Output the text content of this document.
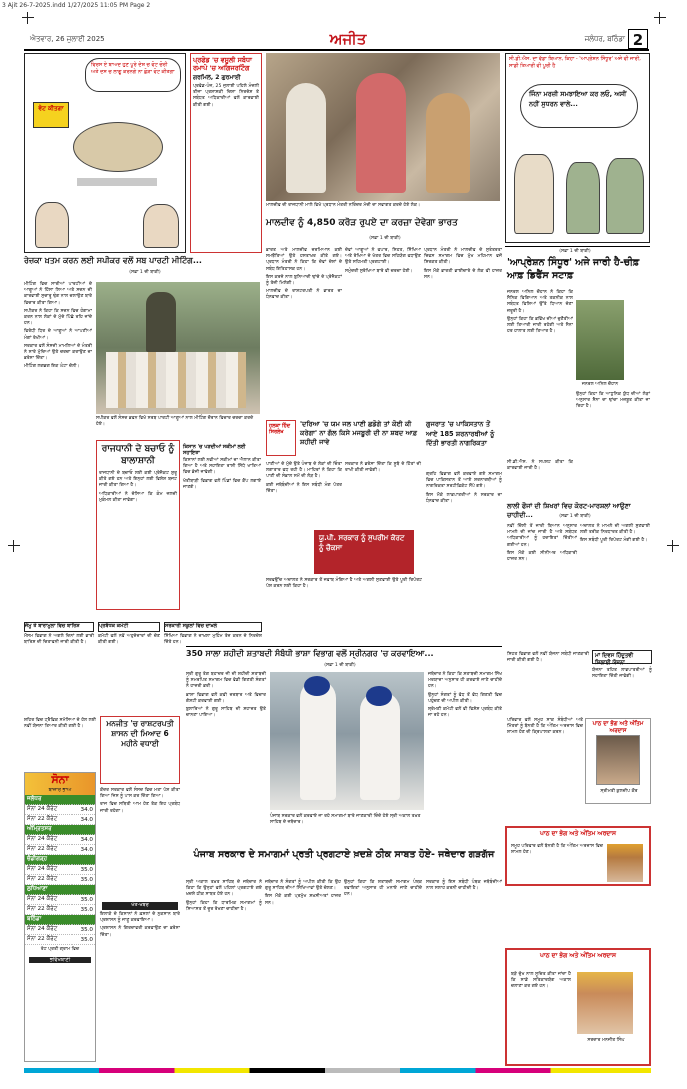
3 Ajit 26-7-2025.indd 1/27/2025 11:05 PM Page 2
ਐਤਵਾਰ, 26 ਜੁਲਾਈ 2025	ਅਜੀਤ	ਜਲੰਧਰ, ਬਠਿੰਡਾ 2
ਵਿਰਸ ਏ ਬਾਅਦ ਹੁਣ ਪੂਰੇ ਦੇਸ਼ ਚ ਵੋਟ ਚੋਰੀ ਅਤੇ ਦਸ ਚ ਲਾਗੂ ਕਰਨਗੇ ਨਾ ਛੋੜਾ ਵੋਟ ਕੀਤਗਾ
ਵੋਟ ਕੀਤਗਾ
ਪ੍ਰਫੋਡ 'ਚ ਵਸੂਲੀ ਸਬੰਧਾ ਰਮਾਪੋ 'ਚ ਅਗਿਜਰਟਿੰਗ
ਗਰਮਿਲ, 2 ਗੁਰਮਾਈ
ਪ੍ਰਫੋਡ-ਪੰਜ, 25 ਜੁਲਾਈ ਪਹਿਲੇ ਮੰਜ਼ਲੀ ਤੀਜਾ ਪ੍ਰਸ਼ਾਸ਼ਕੀ ਦਿਸ਼ਾ ਨਿਰਦੇਸ਼ ਤੇ ਸਬੰਧਤ ਅਧਿਕਾਰੀਆਂ ਵਲੋਂ ਕਾਰਵਾਈ ਕੀਤੀ ਗਈ।
ਮਾਲਦੀਵ ਦੀ ਰਾਜਧਾਨੀ ਮਾਲੇ ਵਿਖੇ ਪ੍ਰਧਾਨ ਮੰਤਰੀ ਨਰਿੰਦਰ ਮੋਦੀ ਦਾ ਸਵਾਗਤ ਕਰਦੇ ਹੋਏ ਲੋਕ।
ਮਾਲਦੀਵ ਨੂੰ 4,850 ਕਰੋੜ ਰੁਪਏ ਦਾ ਕਰਜ਼ਾ ਦੇਵੇਗਾ ਭਾਰਤ
(ਸਫ਼ਾ 1 ਦੀ ਬਾਕੀ)
ਸੀ.ਡੀ.ਐਸ. ਦਾ ਵੱਡਾ ਬਿਆਨ, ਕਿਹਾ - 'ਆਪ੍ਰੇਸ਼ਨ ਸਿੰਧੂਰ' ਅਜੇ ਵੀ ਜਾਰੀ, ਸਾਡੀ ਤਿਆਰੀ ਵੀ ਪੂਰੀ ਹੈ
ਜਿੰਨਾ ਮਰਜ਼ੀ ਸਮਝਾਇਆ ਕਰ ਲਓ, ਅਸੀਂ ਨਹੀਂ ਸੁਧਰਨ ਵਾਲੇ...
(ਸਫ਼ਾ 1 ਦੀ ਬਾਕੀ)
'ਆਪ੍ਰੇਸ਼ਨ ਸਿੰਧੂਰ' ਅਜੇ ਜਾਰੀ ਹੈ-ਚੀਫ਼ ਆਫ਼ ਡਿਫੈਂਸ ਸਟਾਫ਼

ਜਨਰਲ ਅਨਿਲ ਚੌਹਾਨ ਨੇ ਕਿਹਾ ਕਿ ਸੈਨਿਕ ਵਿਗਿਆਨ ਅਤੇ ਤਕਨੀਕ ਨਾਲ ਸਬੰਧਤ ਵਿਸ਼ਿਆਂ ਉੱਤੇ ਧਿਆਨ ਦੇਣਾ ਜ਼ਰੂਰੀ ਹੈ।

ਉਨ੍ਹਾਂ ਕਿਹਾ ਕਿ ਭਵਿੱਖ ਦੀਆਂ ਚੁਣੌਤੀਆਂ ਲਈ ਤਿਆਰੀ ਜਾਰੀ ਰਹੇਗੀ ਅਤੇ ਸੈਨਾ ਹਰ ਹਾਲਾਤ ਲਈ ਤਿਆਰ ਹੈ।

ਜਨਰਲ ਅਨਿਲ ਚੌਹਾਨ

ਉਨ੍ਹਾਂ ਕਿਹਾ ਕਿ ਆਧੁਨਿਕ ਯੁੱਧ ਦੀਆਂ ਲੋੜਾਂ ਅਨੁਸਾਰ ਸੈਨਾ ਦਾ ਢਾਂਚਾ ਮਜ਼ਬੂਤ ਕੀਤਾ ਜਾ ਰਿਹਾ ਹੈ।

ਸੀ.ਡੀ.ਐਸ. ਨੇ ਸਪਸ਼ਟ ਕੀਤਾ ਕਿ ਕਾਰਵਾਈ ਜਾਰੀ ਹੈ।

ਲਾਲੀ ਫੌਜਾਂ ਦੀ ਸ਼ਿਖਰਾਂ ਵਿਚ ਕੋਰਟ-ਮਾਰਸ਼ਲਾਂ ਆਉਣਾ ਚਾਹੀਦੀ...	(ਸਫ਼ਾ 1 ਦੀ ਬਾਕੀ)

ਨਵੀਂ ਦਿੱਲੀ ਤੋਂ ਜਾਰੀ ਬਿਆਨ ਅਨੁਸਾਰ ਮਾਮਲੇ ਦੀ ਜਾਂਚ ਜਾਰੀ ਹੈ ਅਤੇ ਸਬੰਧਤ ਅਧਿਕਾਰੀਆਂ ਨੂੰ ਹਦਾਇਤਾਂ ਦਿੱਤੀਆਂ ਗਈਆਂ ਹਨ।

ਇਸ ਮੌਕੇ ਕਈ ਸੀਨੀਅਰ ਅਧਿਕਾਰੀ ਹਾਜ਼ਰ ਸਨ।

ਅਦਾਲਤ ਨੇ ਮਾਮਲੇ ਦੀ ਅਗਲੀ ਸੁਣਵਾਈ ਲਈ ਤਰੀਕ ਨਿਰਧਾਰਤ ਕੀਤੀ ਹੈ।

ਇਸ ਸਬੰਧੀ ਪੂਰੀ ਰਿਪੋਰਟ ਮੰਗੀ ਗਈ ਹੈ।

ਮਾਂ ਦਿਵਸ ਹਿੰਦੂਤਵੀ ਸਿਲਾਈ ਯੋਜਨਾ ...

ਸਿਹਤ ਵਿਭਾਗ ਵਲੋਂ ਨਵੀਂ ਯੋਜਨਾ ਸਬੰਧੀ ਜਾਣਕਾਰੀ ਜਾਰੀ ਕੀਤੀ ਗਈ ਹੈ।

ਯੋਜਨਾ ਤਹਿਤ ਲਾਭਪਾਤਰੀਆਂ ਨੂੰ ਸਹਾਇਤਾ ਦਿੱਤੀ ਜਾਵੇਗੀ।

ਪਾਠ ਦਾ ਭੋਗ ਅਤੇ ਅੰਤਿਮ ਅਰਦਾਸ
ਸ੍ਰੀਮਤੀ ਕੁਲਦੀਪ ਕੌਰ

ਪਰਿਵਾਰ ਵਲੋਂ ਸਮੂਹ ਸਾਕ ਸੰਬੰਧੀਆਂ ਅਤੇ ਮਿੱਤਰਾਂ ਨੂੰ ਬੇਨਤੀ ਹੈ ਕਿ ਅੰਤਿਮ ਅਰਦਾਸ ਵਿਚ ਸ਼ਾਮਲ ਹੋਣ ਦੀ ਕ੍ਰਿਪਾਲਤਾ ਕਰਨ।

ਪਾਠ ਦਾ ਭੋਗ ਅਤੇ ਅੰਤਿਮ ਅਰਦਾਸ

ਸਮੂਹ ਪਰਿਵਾਰ ਵਲੋਂ ਬੇਨਤੀ ਹੈ ਕਿ ਅੰਤਿਮ ਅਰਦਾਸ ਵਿਚ ਸ਼ਾਮਲ ਹੋਣ।

ਪਾਠ ਦਾ ਭੋਗ ਅਤੇ ਅੰਤਿਮ ਅਰਦਾਸ
ਸਰਦਾਰ ਮਨਜੀਤ ਸਿੰਘ

ਬੜੇ ਦੁੱਖ ਨਾਲ ਸੂਚਿਤ ਕੀਤਾ ਜਾਂਦਾ ਹੈ ਕਿ ਸਾਡੇ ਸਤਿਕਾਰਯੋਗ ਅਕਾਲ ਚਲਾਣਾ ਕਰ ਗਏ ਹਨ।

ਰੇਜ਼ਕਾ ਖ਼ਤਮ ਕਰਨ ਲਈ ਸਪੀਕਰ ਵਲੋਂ ਸਬ ਪਾਰਟੀ ਮੀਟਿੰਗ...
(ਸਫ਼ਾ 1 ਦੀ ਬਾਕੀ)

ਮੀਟਿੰਗ ਵਿਚ ਸਾਰੀਆਂ ਪਾਰਟੀਆਂ ਦੇ ਆਗੂਆਂ ਨੇ ਹਿੱਸਾ ਲਿਆ ਅਤੇ ਸਦਨ ਦੀ ਕਾਰਵਾਈ ਸੁਚਾਰੂ ਢੰਗ ਨਾਲ ਚਲਾਉਣ ਬਾਰੇ ਵਿਚਾਰ ਕੀਤਾ ਗਿਆ।

ਸਪੀਕਰ ਨੇ ਕਿਹਾ ਕਿ ਸਦਨ ਵਿਚ ਹੰਗਾਮਾ ਕਰਨ ਨਾਲ ਲੋਕਾਂ ਦੇ ਮੁੱਦੇ ਪਿੱਛੇ ਰਹਿ ਜਾਂਦੇ ਹਨ।

ਵਿਰੋਧੀ ਧਿਰ ਦੇ ਆਗੂਆਂ ਨੇ ਆਪਣੀਆਂ ਮੰਗਾਂ ਰੱਖੀਆਂ।

ਸਰਕਾਰ ਵਲੋਂ ਸੰਸਦੀ ਮਾਮਲਿਆਂ ਦੇ ਮੰਤਰੀ ਨੇ ਸਾਰੇ ਮੁੱਦਿਆਂ ਉਤੇ ਚਰਚਾ ਕਰਾਉਣ ਦਾ ਭਰੋਸਾ ਦਿੱਤਾ।

ਮੀਟਿੰਗ ਲਗਭਗ ਇਕ ਘੰਟਾ ਚੱਲੀ।

ਸਪੀਕਰ ਵਲੋਂ ਸੰਸਦ ਭਵਨ ਵਿਖੇ ਸਰਬ ਪਾਰਟੀ ਆਗੂਆਂ ਨਾਲ ਮੀਟਿੰਗ ਦੌਰਾਨ ਵਿਚਾਰ ਚਰਚਾ ਕਰਦੇ ਹੋਏ।
ਰਾਜਧਾਨੀ ਦੇ ਬਚਾਓ ਨੂੰ ਬਾਲਾਸ਼ਾਨੀ

ਰਾਜਧਾਨੀ ਦੇ ਬਚਾਓ ਲਈ ਕਈ ਪ੍ਰੋਜੈਕਟ ਸ਼ੁਰੂ ਕੀਤੇ ਗਏ ਹਨ ਅਤੇ ਇਨ੍ਹਾਂ ਲਈ ਵਿਸ਼ੇਸ਼ ਬਜਟ ਜਾਰੀ ਕੀਤਾ ਗਿਆ ਹੈ।

ਅਧਿਕਾਰੀਆਂ ਨੇ ਦੱਸਿਆ ਕਿ ਕੰਮ ਜਲਦੀ ਮੁਕੰਮਲ ਕੀਤਾ ਜਾਵੇਗਾ।

ਕਿਸਾਨ 'ਚ ਪੜਦੀਆਂ ਸਕੀਮਾਂ ਲਈ ਸਹਾਇਤਾ

ਕਿਸਾਨਾਂ ਲਈ ਨਵੀਆਂ ਸਕੀਮਾਂ ਦਾ ਐਲਾਨ ਕੀਤਾ ਗਿਆ ਹੈ ਅਤੇ ਸਹਾਇਤਾ ਰਾਸ਼ੀ ਸਿੱਧੇ ਖਾਤਿਆਂ ਵਿਚ ਭੇਜੀ ਜਾਵੇਗੀ।

ਖੇਤੀਬਾੜੀ ਵਿਭਾਗ ਵਲੋਂ ਪਿੰਡਾਂ ਵਿਚ ਕੈਂਪ ਲਗਾਏ ਜਾਣਗੇ।

ਜੰਮੂ ਤੇ ਬਾਰਾਮੂਲਾ ਵਿਚ ਬਾਰਿਸ਼

ਮੌਸਮ ਵਿਭਾਗ ਨੇ ਅਗਲੇ ਦਿਨਾਂ ਲਈ ਭਾਰੀ ਬਾਰਿਸ਼ ਦੀ ਚਿਤਾਵਨੀ ਜਾਰੀ ਕੀਤੀ ਹੈ।

ਪ੍ਰਬੰਧਕ ਕਮੇਟੀ

ਕਮੇਟੀ ਵਲੋਂ ਨਵੇਂ ਅਹੁਦੇਦਾਰਾਂ ਦੀ ਚੋਣ ਕੀਤੀ ਗਈ।

ਸਰਕਾਰੀ ਸਕੂਲਾਂ ਵਿਚ ਦਾਖ਼ਲੇ

ਸਿੱਖਿਆ ਵਿਭਾਗ ਨੇ ਦਾਖ਼ਲਾ ਮੁਹਿੰਮ ਤੇਜ਼ ਕਰਨ ਦੇ ਨਿਰਦੇਸ਼ ਦਿੱਤੇ ਹਨ।

ਮਨਜੀਤ 'ਚ ਰਾਸ਼ਟਰਪਤੀ ਸ਼ਾਸਨ ਦੀ ਮਿਆਦ 6 ਮਹੀਨੇ ਵਧਾਈ

ਕੇਂਦਰ ਸਰਕਾਰ ਵਲੋਂ ਸੰਸਦ ਵਿਚ ਮਤਾ ਪੇਸ਼ ਕੀਤਾ ਗਿਆ ਜਿਸ ਨੂੰ ਪਾਸ ਕਰ ਦਿੱਤਾ ਗਿਆ।

ਰਾਜ ਵਿਚ ਸਥਿਤੀ ਆਮ ਹੋਣ ਤੱਕ ਇਹ ਪ੍ਰਬੰਧ ਜਾਰੀ ਰਹੇਗਾ।

ਖੇਤ-ਖਬਰ

ਇਲਾਕੇ ਦੇ ਕਿਸਾਨਾਂ ਨੇ ਫ਼ਸਲਾਂ ਦੇ ਨੁਕਸਾਨ ਬਾਰੇ ਪ੍ਰਸ਼ਾਸਨ ਨੂੰ ਜਾਣੂ ਕਰਵਾਇਆ।

ਪ੍ਰਸ਼ਾਸਨ ਨੇ ਗਿਰਦਾਵਰੀ ਕਰਵਾਉਣ ਦਾ ਭਰੋਸਾ ਦਿੱਤਾ।

ਸ਼ਹਿਰ ਵਿਚ ਟ੍ਰੈਫ਼ਿਕ ਸਮੱਸਿਆ ਦੇ ਹੱਲ ਲਈ ਨਵੀਂ ਯੋਜਨਾ ਤਿਆਰ ਕੀਤੀ ਗਈ ਹੈ।

ਸੋਨਾ
ਬਾਜ਼ਾਰ ਭਾਅ
ਜਲੰਧਰ	
ਸੋਨਾ 24 ਕੈਰੇਟ	34.0
ਸੋਨਾ 22 ਕੈਰੇਟ	34.0
ਅੰਮ੍ਰਿਤਸਰ	
ਸੋਨਾ 24 ਕੈਰੇਟ	34.0
ਸੋਨਾ 22 ਕੈਰੇਟ	34.0
ਚੰਡੀਗੜ੍ਹ	
ਸੋਨਾ 24 ਕੈਰੇਟ	35.0
ਸੋਨਾ 22 ਕੈਰੇਟ	35.0
ਲੁਧਿਆਣਾ	
ਸੋਨਾ 24 ਕੈਰੇਟ	35.0
ਸੋਨਾ 22 ਕੈਰੇਟ	35.0
ਬਠਿੰਡਾ	
ਸੋਨਾ 24 ਕੈਰੇਟ	35.0
ਸੋਨਾ 22 ਕੈਰੇਟ	35.0
ਰੇਟ ਪ੍ਰਤੀ ਗ੍ਰਾਮ ਵਿਚ
ਭਵਿੱਖਬਾਣੀ
ਹਲਕਾ ਹਿੰਦ ਸਿਰਲੇਖ
'ਦਰਿਆ 'ਚ ਯਮ ਜਲ ਪਾਣੀ ਛਡੋਗੇ ਤਾਂ ਕੋਈ ਕੀ ਕਰੇਗਾ' ਨਾ ਗੱਲ ਕਿਸੇ ਮਜਬੂਰੀ ਦੀ ਨਾ ਸ਼ਬਦ ਆਫ਼ ਸ਼ਹੀਦੀ ਜਾਵੇ

ਭਾਰਤ ਅਤੇ ਮਾਲਦੀਵ ਦਰਮਿਆਨ ਕਈ ਸਮਝੌਤਿਆਂ ਉਤੇ ਹਸਤਾਖ਼ਰ ਕੀਤੇ ਗਏ। ਪ੍ਰਧਾਨ ਮੰਤਰੀ ਨੇ ਕਿਹਾ ਕਿ ਦੋਵਾਂ ਦੇਸ਼ਾਂ ਦੇ ਸਬੰਧ ਇਤਿਹਾਸਕ ਹਨ।

ਇਸ ਕਰਜ਼ੇ ਨਾਲ ਬੁਨਿਆਦੀ ਢਾਂਚੇ ਦੇ ਪ੍ਰੋਜੈਕਟਾਂ ਨੂੰ ਤੇਜ਼ੀ ਮਿਲੇਗੀ।

ਮਾਲਦੀਵ ਦੇ ਰਾਸ਼ਟਰਪਤੀ ਨੇ ਭਾਰਤ ਦਾ ਧੰਨਵਾਦ ਕੀਤਾ।

ਦੋਵਾਂ ਆਗੂਆਂ ਨੇ ਵਪਾਰ, ਸਿਹਤ, ਸਿੱਖਿਆ ਅਤੇ ਰੱਖਿਆ ਦੇ ਖੇਤਰ ਵਿਚ ਸਹਿਯੋਗ ਵਧਾਉਣ ਉਤੇ ਸਹਿਮਤੀ ਪ੍ਰਗਟਾਈ।

ਸਮੁੰਦਰੀ ਸੁਰੱਖਿਆ ਬਾਰੇ ਵੀ ਚਰਚਾ ਹੋਈ।

ਪ੍ਰਧਾਨ ਮੰਤਰੀ ਨੇ ਮਾਲਦੀਵ ਦੇ ਸੁਤੰਤਰਤਾ ਦਿਵਸ ਸਮਾਗਮ ਵਿਚ ਮੁੱਖ ਮਹਿਮਾਨ ਵਜੋਂ ਸ਼ਿਰਕਤ ਕੀਤੀ।

ਇਸ ਮੌਕੇ ਭਾਰਤੀ ਭਾਈਚਾਰੇ ਦੇ ਲੋਕ ਵੀ ਹਾਜ਼ਰ ਸਨ।

ਪਾਣੀਆਂ ਦੇ ਮੁੱਦੇ ਉਤੇ ਪੰਜਾਬ ਦੇ ਲੋਕਾਂ ਦੀ ਚਿੰਤਾ ਲਗਾਤਾਰ ਵਧ ਰਹੀ ਹੈ। ਮਾਹਿਰਾਂ ਨੇ ਕਿਹਾ ਕਿ ਪਾਣੀ ਦੀ ਸੰਭਾਲ ਸਮੇਂ ਦੀ ਲੋੜ ਹੈ।

ਕਈ ਜਥੇਬੰਦੀਆਂ ਨੇ ਇਸ ਸਬੰਧੀ ਮੰਗ ਪੱਤਰ ਦਿੱਤਾ।

ਸਰਕਾਰ ਨੇ ਭਰੋਸਾ ਦਿੱਤਾ ਕਿ ਸੂਬੇ ਦੇ ਹਿੱਤਾਂ ਦੀ ਰਾਖੀ ਕੀਤੀ ਜਾਵੇਗੀ।

ਯੂ.ਪੀ. ਸਰਕਾਰ ਨੂੰ ਸੁਪਰੀਮ ਕੋਰਟ ਨੂੰ ਚੌਕਸਾ

ਸਰਵਉੱਚ ਅਦਾਲਤ ਨੇ ਸਰਕਾਰ ਤੋਂ ਜਵਾਬ ਮੰਗਿਆ ਹੈ ਅਤੇ ਅਗਲੀ ਸੁਣਵਾਈ ਉਤੇ ਪੂਰੀ ਰਿਪੋਰਟ ਪੇਸ਼ ਕਰਨ ਲਈ ਕਿਹਾ ਹੈ।

ਗੁਜਰਾਤ 'ਚ ਪਾਕਿਸਤਾਨ ਤੋਂ ਆਏ 185 ਸ਼ਰਨਾਰਥੀਆਂ ਨੂੰ ਦਿੱਤੀ ਭਾਰਤੀ ਨਾਗਰਿਕਤਾ

ਗ੍ਰਹਿ ਵਿਭਾਗ ਵਲੋਂ ਕਰਵਾਏ ਗਏ ਸਮਾਗਮ ਵਿਚ ਪਾਕਿਸਤਾਨ ਤੋਂ ਆਏ ਸ਼ਰਨਾਰਥੀਆਂ ਨੂੰ ਨਾਗਰਿਕਤਾ ਸਰਟੀਫ਼ਿਕੇਟ ਸੌਂਪੇ ਗਏ।

ਇਸ ਮੌਕੇ ਲਾਭਪਾਤਰੀਆਂ ਨੇ ਸਰਕਾਰ ਦਾ ਧੰਨਵਾਦ ਕੀਤਾ।

350 ਸਾਲਾ ਸ਼ਹੀਦੀ ਸ਼ਤਾਬਦੀ ਸੰਬੰਧੀ ਭਾਸ਼ਾ ਵਿਭਾਗ ਵਲੋਂ ਸ੍ਰੀਨਗਰ 'ਚ ਕਰਵਾਇਆ...
(ਸਫ਼ਾ 1 ਦੀ ਬਾਕੀ)

ਸ੍ਰੀ ਗੁਰੂ ਤੇਗ ਬਹਾਦਰ ਜੀ ਦੀ ਸ਼ਹੀਦੀ ਸ਼ਤਾਬਦੀ ਨੂੰ ਸਮਰਪਿਤ ਸਮਾਗਮ ਵਿਚ ਵੱਡੀ ਗਿਣਤੀ ਸੰਗਤਾਂ ਨੇ ਹਾਜ਼ਰੀ ਭਰੀ।

ਭਾਸ਼ਾ ਵਿਭਾਗ ਵਲੋਂ ਕਵੀ ਦਰਬਾਰ ਅਤੇ ਵਿਚਾਰ ਗੋਸ਼ਟੀ ਕਰਵਾਈ ਗਈ।

ਬੁਲਾਰਿਆਂ ਨੇ ਗੁਰੂ ਸਾਹਿਬ ਦੀ ਸ਼ਹਾਦਤ ਉਤੇ ਚਾਨਣਾ ਪਾਇਆ।

ਪੰਜਾਬ ਸਰਕਾਰ ਵਲੋਂ ਕਰਵਾਏ ਜਾ ਰਹੇ ਸਮਾਗਮਾਂ ਬਾਰੇ ਜਾਣਕਾਰੀ ਦਿੰਦੇ ਹੋਏ ਸ੍ਰੀ ਅਕਾਲ ਤਖ਼ਤ ਸਾਹਿਬ ਦੇ ਜਥੇਦਾਰ।

ਜਥੇਦਾਰ ਨੇ ਕਿਹਾ ਕਿ ਸ਼ਤਾਬਦੀ ਸਮਾਗਮ ਸਿੱਖ ਮਰਯਾਦਾ ਅਨੁਸਾਰ ਹੀ ਕਰਵਾਏ ਜਾਣੇ ਚਾਹੀਦੇ ਹਨ।

ਉਨ੍ਹਾਂ ਸੰਗਤਾਂ ਨੂੰ ਵੱਧ ਤੋਂ ਵੱਧ ਗਿਣਤੀ ਵਿਚ ਪਹੁੰਚਣ ਦੀ ਅਪੀਲ ਕੀਤੀ।

ਸ਼੍ਰੋਮਣੀ ਕਮੇਟੀ ਵਲੋਂ ਵੀ ਵਿਸ਼ੇਸ਼ ਪ੍ਰਬੰਧ ਕੀਤੇ ਜਾ ਰਹੇ ਹਨ।

ਪੰਜਾਬ ਸਰਕਾਰ ਦੇ ਸਮਾਗਮਾਂ ਪ੍ਰਤੀ ਪ੍ਰਗਟਾਏ ਖ਼ਦਸ਼ੇ ਠੀਕ ਸਾਬਤ ਹੋਏ- ਜਥੇਦਾਰ ਗੜਗੱਜ

ਸ੍ਰੀ ਅਕਾਲ ਤਖ਼ਤ ਸਾਹਿਬ ਦੇ ਜਥੇਦਾਰ ਨੇ ਕਿਹਾ ਕਿ ਉਨ੍ਹਾਂ ਵਲੋਂ ਪਹਿਲਾਂ ਪ੍ਰਗਟਾਏ ਗਏ ਖ਼ਦਸ਼ੇ ਠੀਕ ਸਾਬਤ ਹੋਏ ਹਨ।

ਉਨ੍ਹਾਂ ਕਿਹਾ ਕਿ ਧਾਰਮਿਕ ਸਮਾਗਮਾਂ ਨੂੰ ਸਿਆਸਤ ਤੋਂ ਦੂਰ ਰੱਖਣਾ ਚਾਹੀਦਾ ਹੈ।

ਜਥੇਦਾਰ ਨੇ ਸੰਗਤਾਂ ਨੂੰ ਅਪੀਲ ਕੀਤੀ ਕਿ ਉਹ ਗੁਰੂ ਸਾਹਿਬ ਦੀਆਂ ਸਿੱਖਿਆਵਾਂ ਉਤੇ ਚੱਲਣ।

ਇਸ ਮੌਕੇ ਕਈ ਪ੍ਰਮੁੱਖ ਸ਼ਖ਼ਸੀਅਤਾਂ ਹਾਜ਼ਰ ਸਨ।

ਉਨ੍ਹਾਂ ਕਿਹਾ ਕਿ ਸ਼ਤਾਬਦੀ ਸਮਾਗਮ ਪੰਥਕ ਰਵਾਇਤਾਂ ਅਨੁਸਾਰ ਹੀ ਮਨਾਏ ਜਾਣੇ ਚਾਹੀਦੇ ਹਨ।

ਸਰਕਾਰ ਨੂੰ ਇਸ ਸਬੰਧੀ ਪੰਥਕ ਜਥੇਬੰਦੀਆਂ ਨਾਲ ਸਲਾਹ ਕਰਨੀ ਚਾਹੀਦੀ ਹੈ।
